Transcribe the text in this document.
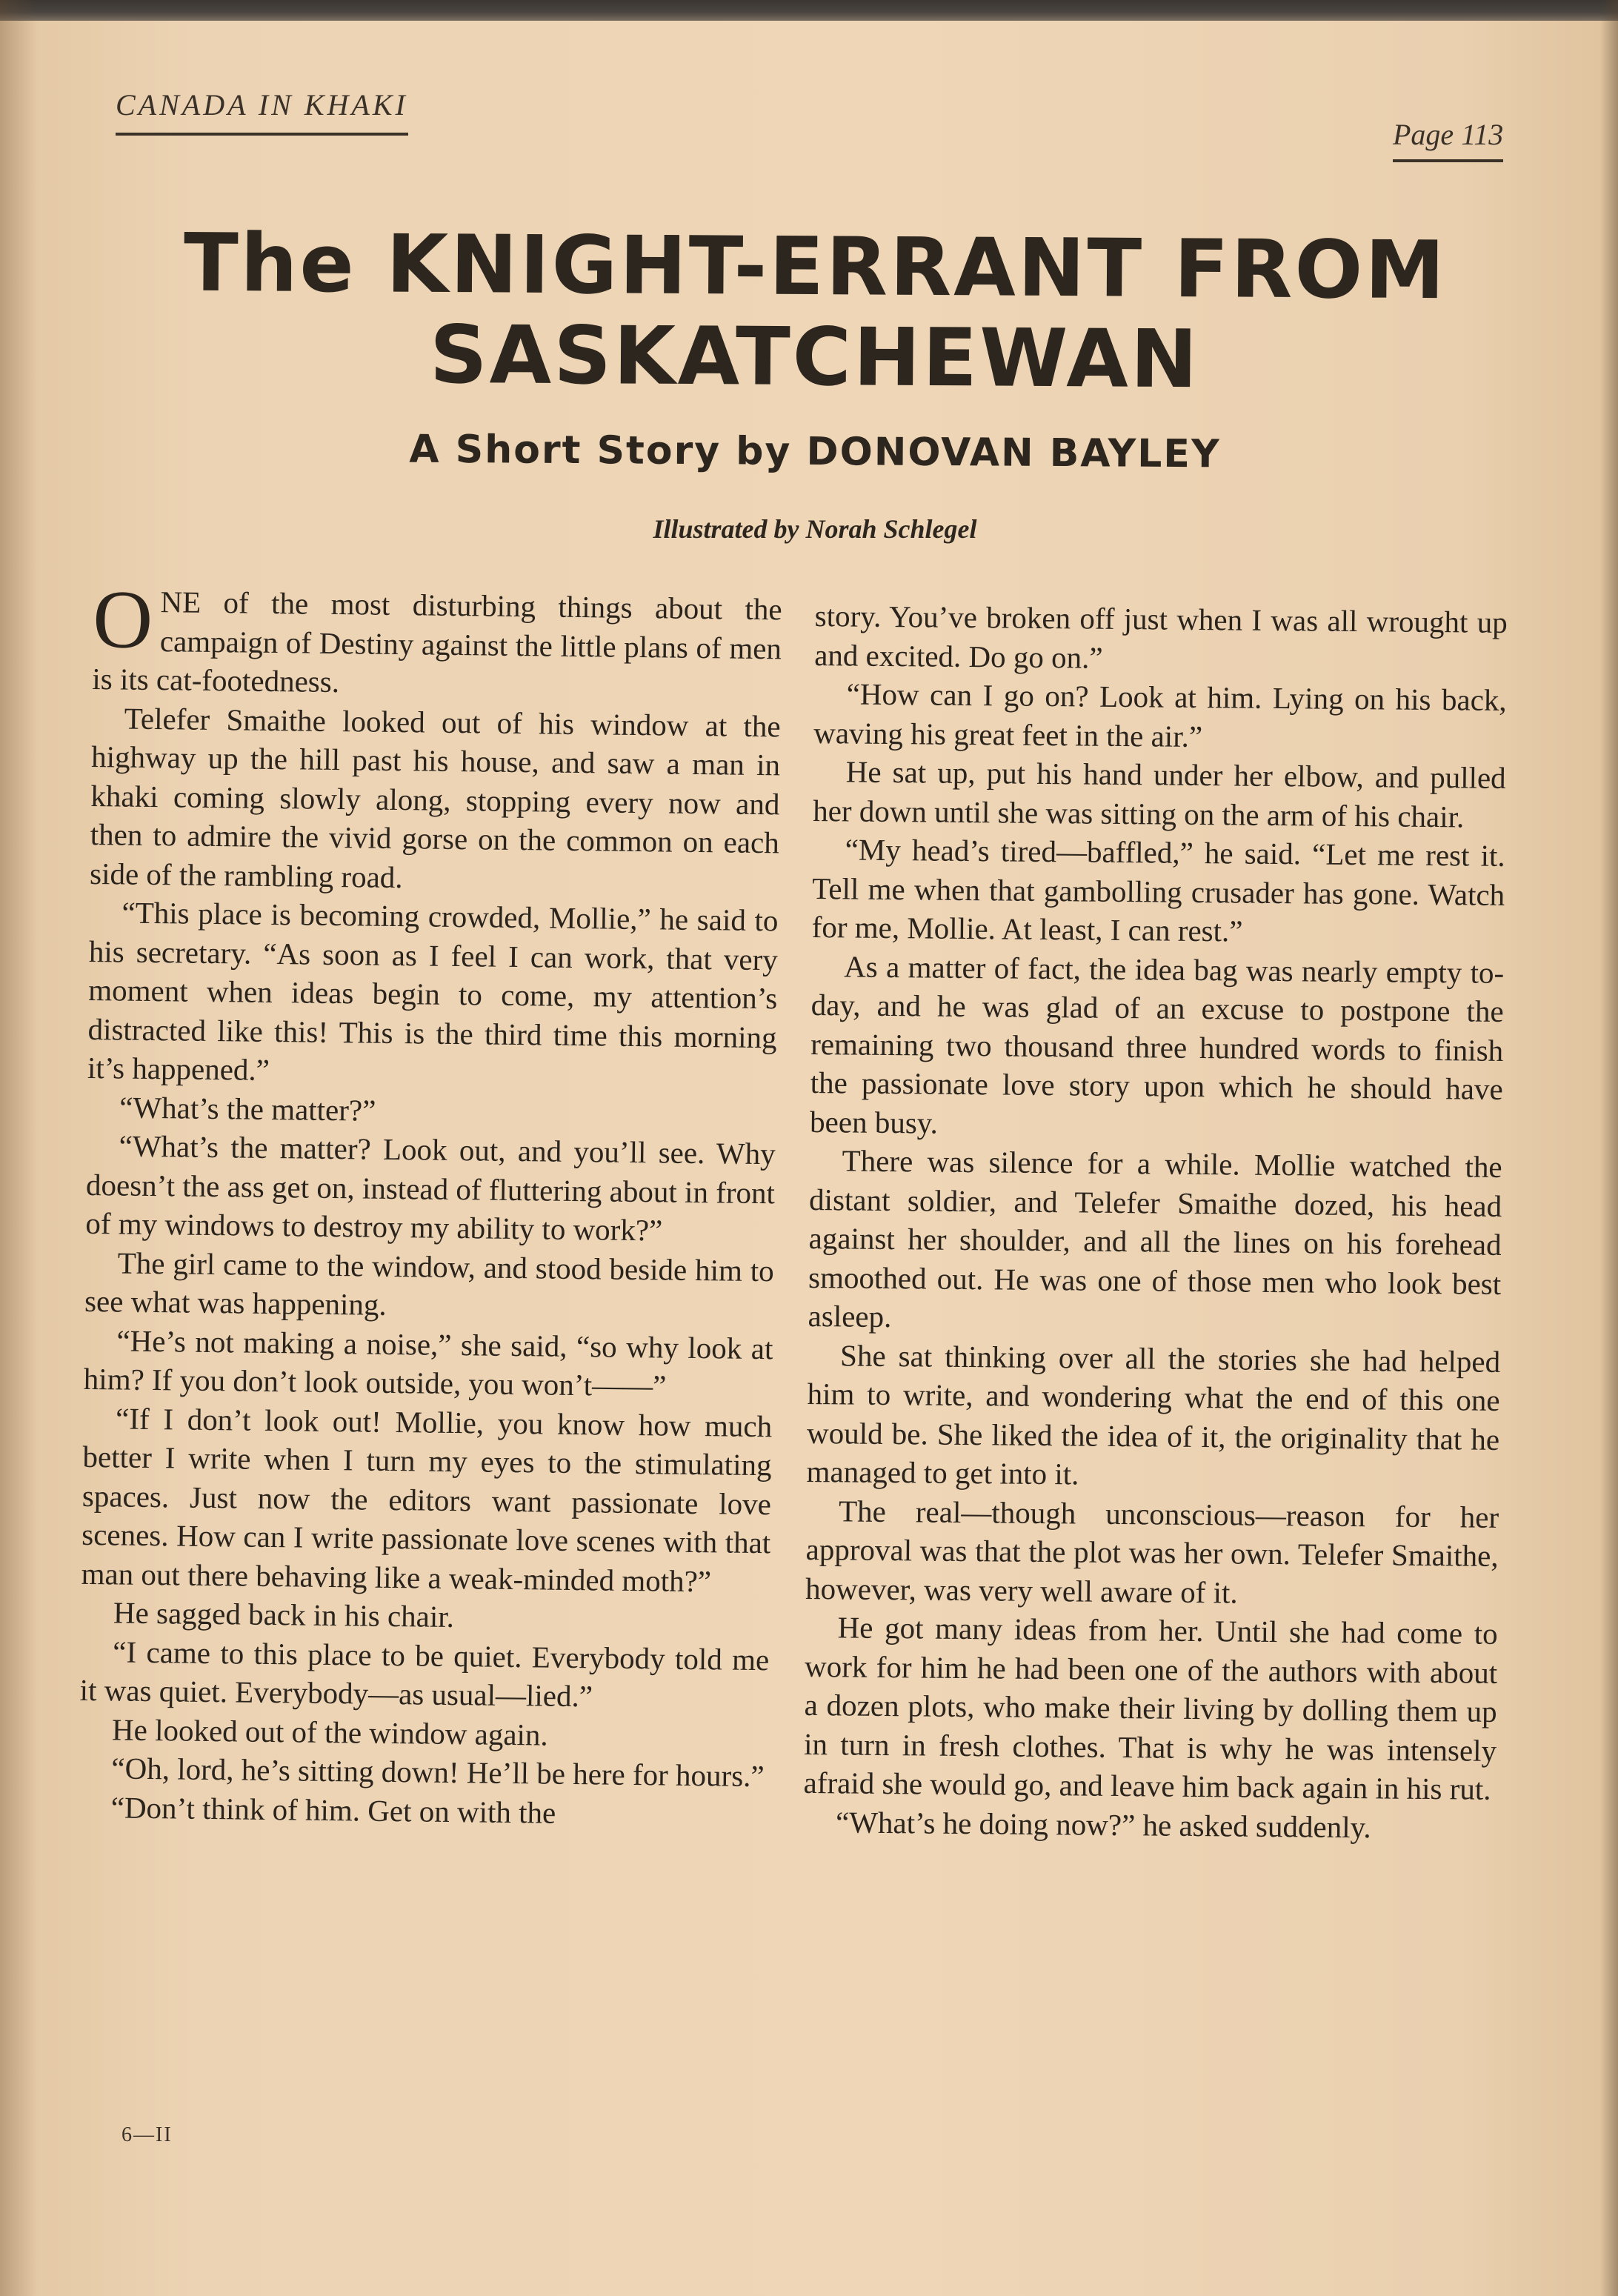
CANADA IN KHAKI
Page 113
The KNIGHT-ERRANT FROM
SASKATCHEWAN
A Short Story by DONOVAN BAYLEY
Illustrated by Norah Schlegel

ONE of the most disturbing things about the campaign of Destiny against the little plans of men is its cat-footedness.

Telefer Smaithe looked out of his window at the highway up the hill past his house, and saw a man in khaki coming slowly along, stopping every now and then to admire the vivid gorse on the common on each side of the rambling road.

“This place is becoming crowded, Mollie,” he said to his secretary. “As soon as I feel I can work, that very moment when ideas begin to come, my attention’s distracted like this! This is the third time this morning it’s happened.”

“What’s the matter?”

“What’s the matter? Look out, and you’ll see. Why doesn’t the ass get on, instead of fluttering about in front of my windows to destroy my ability to work?”

The girl came to the window, and stood beside him to see what was happening.

“He’s not making a noise,” she said, “so why look at him? If you don’t look outside, you won’t——”

“If I don’t look out! Mollie, you know how much better I write when I turn my eyes to the stimulating spaces. Just now the editors want passionate love scenes. How can I write passionate love scenes with that man out there behaving like a weak-minded moth?”

He sagged back in his chair.

“I came to this place to be quiet. Everybody told me it was quiet. Everybody—as usual—lied.”

He looked out of the window again.

“Oh, lord, he’s sitting down! He’ll be here for hours.”

“Don’t think of him. Get on with the

story. You’ve broken off just when I was all wrought up and excited. Do go on.”

“How can I go on? Look at him. Lying on his back, waving his great feet in the air.”

He sat up, put his hand under her elbow, and pulled her down until she was sitting on the arm of his chair.

“My head’s tired—baffled,” he said. “Let me rest it. Tell me when that gambolling crusader has gone. Watch for me, Mollie. At least, I can rest.”

As a matter of fact, the idea bag was nearly empty to-day, and he was glad of an excuse to postpone the remaining two thousand three hundred words to finish the passionate love story upon which he should have been busy.

There was silence for a while. Mollie watched the distant soldier, and Telefer Smaithe dozed, his head against her shoulder, and all the lines on his forehead smoothed out. He was one of those men who look best asleep.

She sat thinking over all the stories she had helped him to write, and wondering what the end of this one would be. She liked the idea of it, the originality that he managed to get into it.

The real—though unconscious—reason for her approval was that the plot was her own. Telefer Smaithe, however, was very well aware of it.

He got many ideas from her. Until she had come to work for him he had been one of the authors with about a dozen plots, who make their living by dolling them up in turn in fresh clothes. That is why he was intensely afraid she would go, and leave him back again in his rut.

“What’s he doing now?” he asked suddenly.

6—II
